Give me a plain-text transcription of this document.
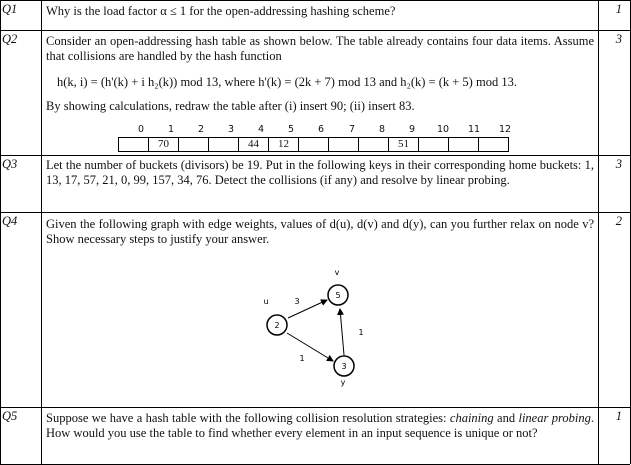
Q1 Why is the load factor α ≤ 1 for the open-addressing hashing scheme?	1
Q2 Consider an open-addressing hash table as shown below. The table already contains four data items. Assume that collisions are handled by the hash function
h(k, i) = (h'(k) + i h₂(k)) mod 13, where h'(k) = (2k + 7) mod 13 and h₂(k) = (k + 5) mod 13.
By showing calculations, redraw the table after (i) insert 90; (ii) insert 83.
3
0	1	2	3	4	5	6	7	8	9 10 11 12
	70			44	12				51			
Q3 Let the number of buckets (divisors) be 19. Put in the following keys in their corresponding home buckets: 1, 13, 17, 57, 21, 0, 99, 157, 34, 76. Detect the collisions (if any) and resolve by linear probing.
3
Q4 Given the following graph with edge weights, values of d(u), d(v) and d(y), can you further relax on node v? Show necessary steps to justify your answer.
2
2
5
3
u
v
y
3
1
1
Q5 Suppose we have a hash table with the following collision resolution strategies: chaining and linear probing. How would you use the table to find whether every element in an input sequence is unique or not?
1
